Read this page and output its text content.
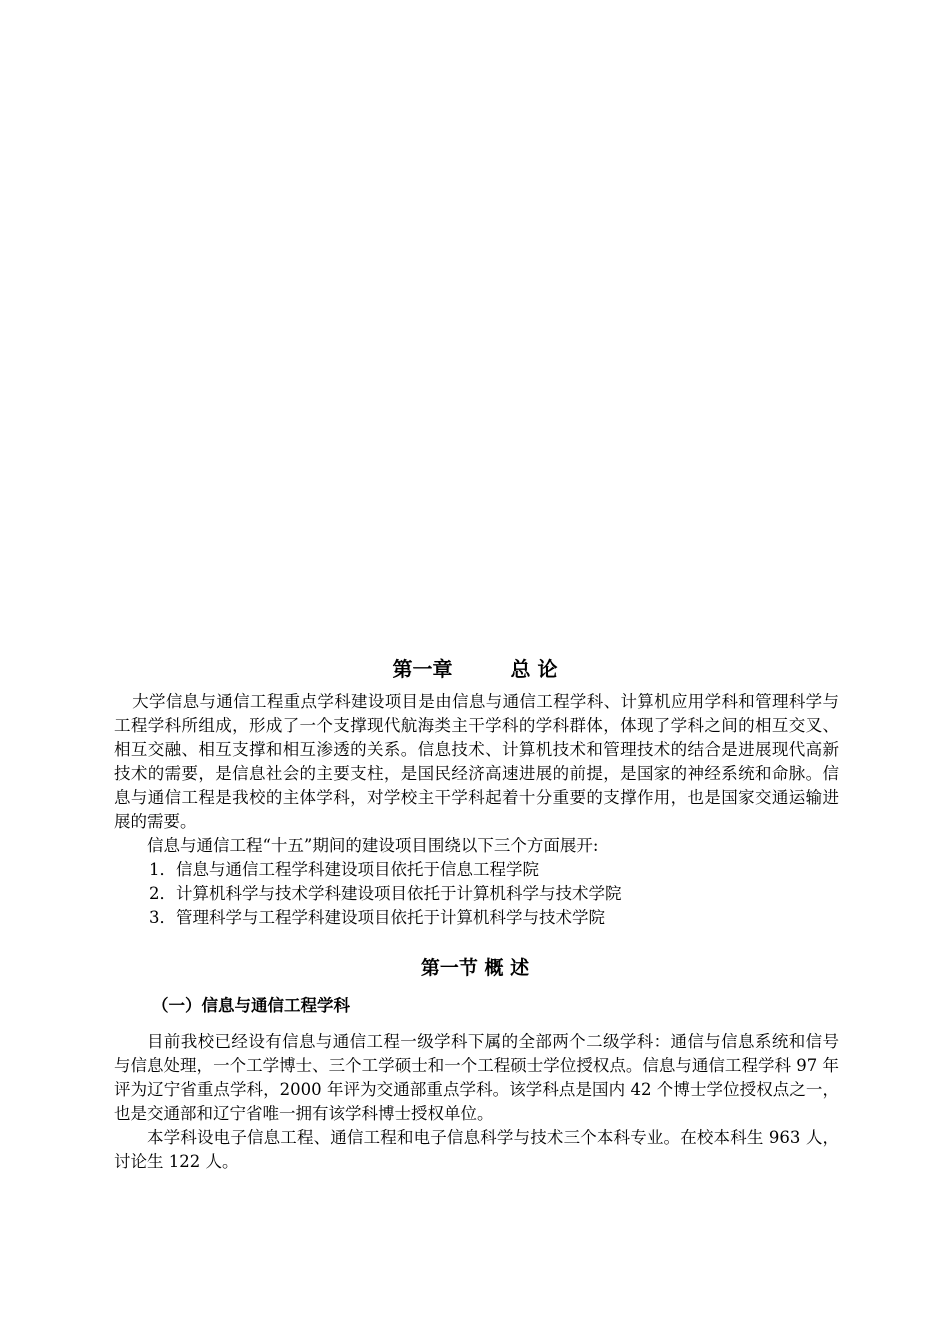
第一章	总 论

大学信息与通信工程重点学科建设项目是由信息与通信工程学科、计算机应用学科和管理科学与工程学科所组成，形成了一个支撑现代航海类主干学科的学科群体，体现了学科之间的相互交叉、相互交融、相互支撑和相互渗透的关系。信息技术、计算机技术和管理技术的结合是进展现代高新技术的需要，是信息社会的主要支柱，是国民经济高速进展的前提，是国家的神经系统和命脉。信息与通信工程是我校的主体学科，对学校主干学科起着十分重要的支撑作用，也是国家交通运输进展的需要。

信息与通信工程“十五”期间的建设项目围绕以下三个方面展开:

1．信息与通信工程学科建设项目依托于信息工程学院

2．计算机科学与技术学科建设项目依托于计算机科学与技术学院

3．管理科学与工程学科建设项目依托于计算机科学与技术学院

第一节 概 述
（一）信息与通信工程学科

目前我校已经设有信息与通信工程一级学科下属的全部两个二级学科：通信与信息系统和信号与信息处理，一个工学博士、三个工学硕士和一个工程硕士学位授权点。信息与通信工程学科 97 年评为辽宁省重点学科，2000 年评为交通部重点学科。该学科点是国内 42 个博士学位授权点之一，也是交通部和辽宁省唯一拥有该学科博士授权单位。

本学科设电子信息工程、通信工程和电子信息科学与技术三个本科专业。在校本科生 963 人，讨论生 122 人。
